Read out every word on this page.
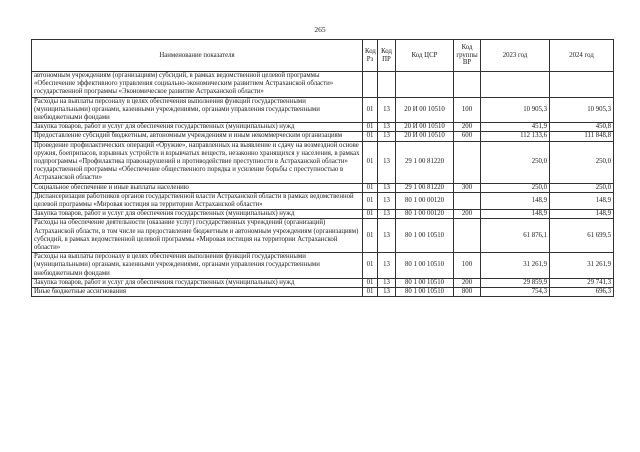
265
Наименование показателя	Код Рз	Код ПР	Код ЦСР	Код группы ВР	2023 год	2024 год
автономным учреждениям (организациям) субсидий, в рамках ведомственной целевой программы «Обеспечение эффективного управления социально-экономическим развитием Астраханской области» государственной программы «Экономическое развитие Астраханской области»						
Расходы на выплаты персоналу в целях обеспечения выполнения функций государственными (муниципальными) органами, казенными учреждениями, органами управления государственными внебюджетными фондами	01	13	20 И 00 10510	100	10 905,3	10 905,3
Закупка товаров, работ и услуг для обеспечения государственных (муниципальных) нужд	01	13	20 И 00 10510	200	451,9	450,8
Предоставление субсидий бюджетным, автономным учреждениям и иным некоммерческим организациям	01	13	20 И 00 10510	600	112 133,6	111 848,8
Проведение профилактических операций «Оружие», направленных на выявление и сдачу на возмездной основе оружия, боеприпасов, взрывных устройств и взрывчатых веществ, незаконно хранящихся у населения, в рамках подпрограммы «Профилактика правонарушений и противодействие преступности в Астраханской области» государственной программы «Обеспечение общественного порядка и усиление борьбы с преступностью в Астраханской области»	01	13	29 1 00 81220		250,0	250,0
Социальное обеспечение и иные выплаты населению	01	13	29 1 00 81220	300	250,0	250,0
Диспансеризация работников органов государственной власти Астраханской области в рамках ведомственной целевой программы «Мировая юстиция на территории Астраханской области»	01	13	80 1 00 00120		148,9	148,9
Закупка товаров, работ и услуг для обеспечения государственных (муниципальных) нужд	01	13	80 1 00 00120	200	148,9	148,9
Расходы на обеспечение деятельности (оказание услуг) государственных учреждений (организаций) Астраханской области, в том числе на предоставление бюджетным и автономным учреждениям (организациям) субсидий, в рамках ведомственной целевой программы «Мировая юстиция на территории Астраханской области»	01	13	80 1 00 10510		61 876,1	61 699,5
Расходы на выплаты персоналу в целях обеспечения выполнения функций государственными (муниципальными) органами, казенными учреждениями, органами управления государственными внебюджетными фондами	01	13	80 1 00 10510	100	31 261,9	31 261,9
Закупка товаров, работ и услуг для обеспечения государственных (муниципальных) нужд	01	13	80 1 00 10510	200	29 859,9	29 741,3
Иные бюджетные ассигнования	01	13	80 1 00 10510	800	754,3	696,3
